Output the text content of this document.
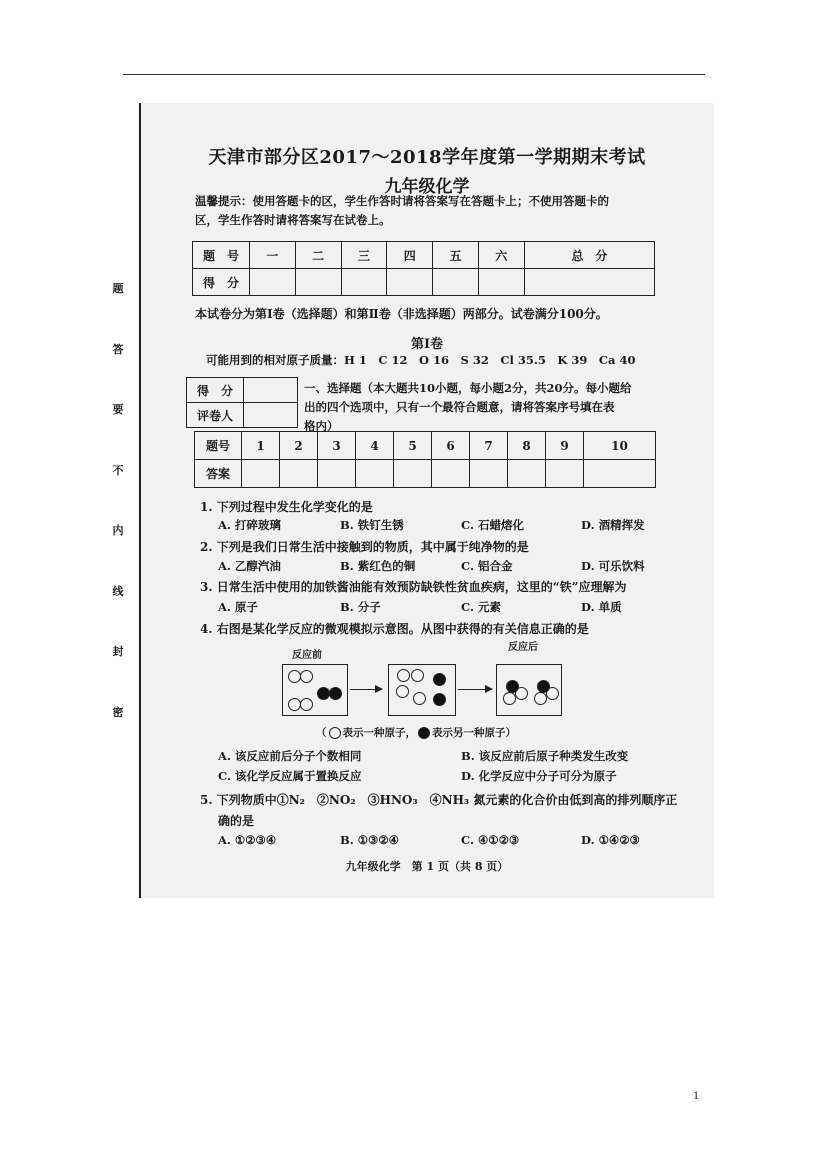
题
答
要
不
内
线
封
密
天津市部分区2017～2018学年度第一学期期末考试
九年级化学
温馨提示：使用答题卡的区，学生作答时请将答案写在答题卡上；不使用答题卡的
区，学生作答时请将答案写在试卷上。
题　号	一	二	三	四	五	六	总　分
得　分							
本试卷分为第Ⅰ卷（选择题）和第Ⅱ卷（非选择题）两部分。试卷满分100分。
第Ⅰ卷
可能用到的相对原子质量：H 1　C 12　O 16　S 32　Cl 35.5　K 39　Ca 40
得　分	
评卷人	
一、选择题（本大题共10小题，每小题2分，共20分。每小题给
出的四个选项中，只有一个最符合题意，请将答案序号填在表
格内）
题号	1	2	3	4	5	6	7	8	9	10
答案										
1. 下列过程中发生化学变化的是
A. 打碎玻璃	B. 铁钉生锈	C. 石蜡熔化	D. 酒精挥发
2. 下列是我们日常生活中接触到的物质，其中属于纯净物的是
A. 乙醇汽油	B. 紫红色的铜	C. 铝合金	D. 可乐饮料
3. 日常生活中使用的加铁酱油能有效预防缺铁性贫血疾病，这里的“铁”应理解为
A. 原子	B. 分子	C. 元素	D. 单质
4. 右图是某化学反应的微观模拟示意图。从图中获得的有关信息正确的是
反应前
反应后
（ 表示一种原子， 表示另一种原子）
A. 该反应前后分子个数相同	B. 该反应前后原子种类发生改变
C. 该化学反应属于置换反应	D. 化学反应中分子可分为原子
5. 下列物质中①N₂　②NO₂　③HNO₃　④NH₃ 氮元素的化合价由低到高的排列顺序正
确的是
A. ①②③④	B. ①③②④	C. ④①②③	D. ①④②③
九年级化学　第 1 页（共 8 页）
1
